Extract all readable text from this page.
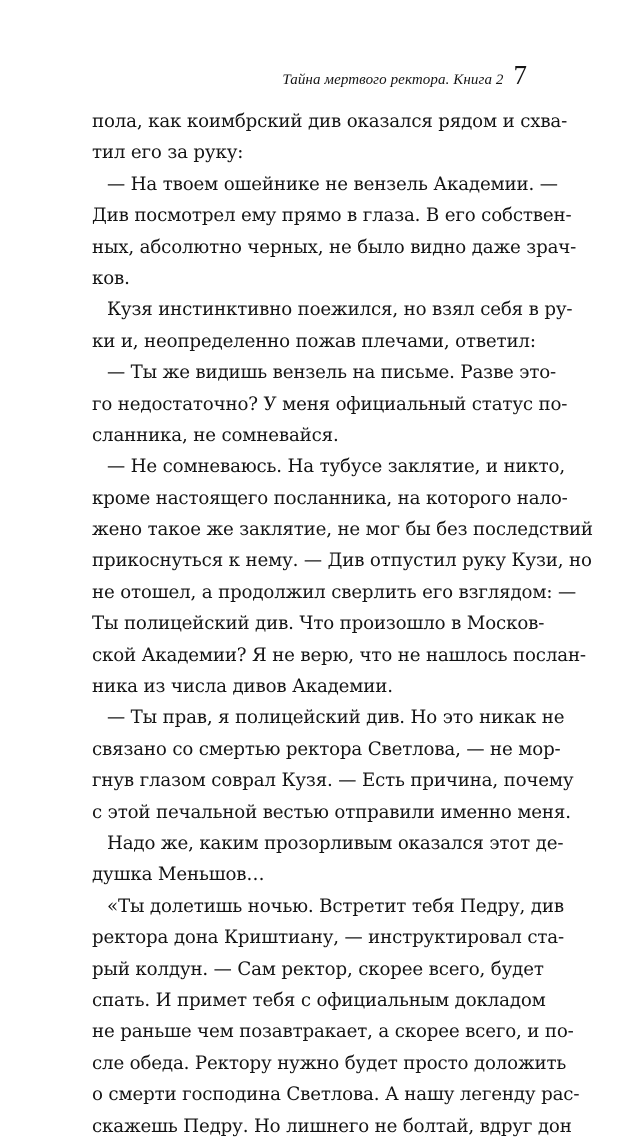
Тайна мертвого ректора. Книга 2 7
пола, как коимбрский див оказался рядом и схва-
тил его за руку:
— На твоем ошейнике не вензель Академии. —
Див посмотрел ему прямо в глаза. В его собствен-
ных, абсолютно черных, не было видно даже зрач-
ков.
Кузя инстинктивно поежился, но взял себя в ру-
ки и, неопределенно пожав плечами, ответил:
— Ты же видишь вензель на письме. Разве это-
го недостаточно? У меня официальный статус по-
сланника, не сомневайся.
— Не сомневаюсь. На тубусе заклятие, и никто,
кроме настоящего посланника, на которого нало-
жено такое же заклятие, не мог бы без последствий
прикоснуться к нему. — Див отпустил руку Кузи, но
не отошел, а продолжил сверлить его взглядом: —
Ты полицейский див. Что произошло в Москов-
ской Академии? Я не верю, что не нашлось послан-
ника из числа дивов Академии.
— Ты прав, я полицейский див. Но это никак не
связано со смертью ректора Светлова, — не мор-
гнув глазом соврал Кузя. — Есть причина, почему
с этой печальной вестью отправили именно меня.
Надо же, каким прозорливым оказался этот де-
душка Меньшов…
«Ты долетишь ночью. Встретит тебя Педру, див
ректора дона Криштиану, — инструктировал ста-
рый колдун. — Сам ректор, скорее всего, будет
спать. И примет тебя с официальным докладом
не раньше чем позавтракает, а скорее всего, и по-
сле обеда. Ректору нужно будет просто доложить
о смерти господина Светлова. А нашу легенду рас-
скажешь Педру. Но лишнего не болтай, вдруг дон
